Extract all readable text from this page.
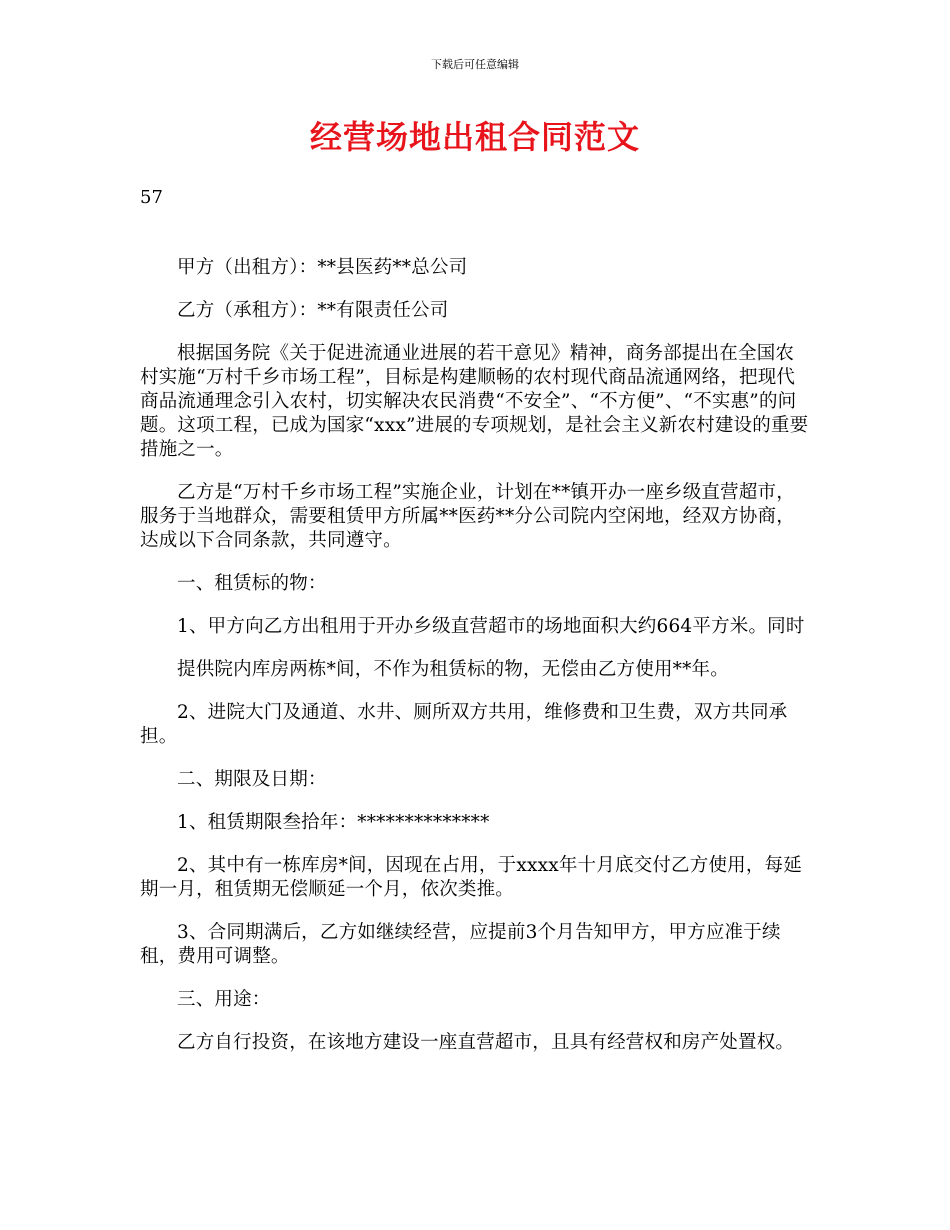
下载后可任意编辑
经营场地出租合同范文
57

甲方（出租方）：**县医药**总公司

乙方（承租方）：**有限责任公司

根据国务院《关于促进流通业进展的若干意见》精神，商务部提出在全国农村实施“万村千乡市场工程”，目标是构建顺畅的农村现代商品流通网络，把现代商品流通理念引入农村，切实解决农民消费“不安全”、“不方便”、“不实惠”的问题。这项工程，已成为国家“xxx”进展的专项规划，是社会主义新农村建设的重要措施之一。

乙方是“万村千乡市场工程”实施企业，计划在**镇开办一座乡级直营超市，服务于当地群众，需要租赁甲方所属**医药**分公司院内空闲地，经双方协商，达成以下合同条款，共同遵守。

一、租赁标的物：

1、甲方向乙方出租用于开办乡级直营超市的场地面积大约664平方米。同时

提供院内库房两栋*间，不作为租赁标的物，无偿由乙方使用**年。

2、进院大门及通道、水井、厕所双方共用，维修费和卫生费，双方共同承担。

二、期限及日期：

1、租赁期限叁拾年：**************

2、其中有一栋库房*间，因现在占用，于xxxx年十月底交付乙方使用，每延期一月，租赁期无偿顺延一个月，依次类推。

3、合同期满后，乙方如继续经营，应提前3个月告知甲方，甲方应准于续租，费用可调整。

三、用途：

乙方自行投资，在该地方建设一座直营超市，且具有经营权和房产处置权。
